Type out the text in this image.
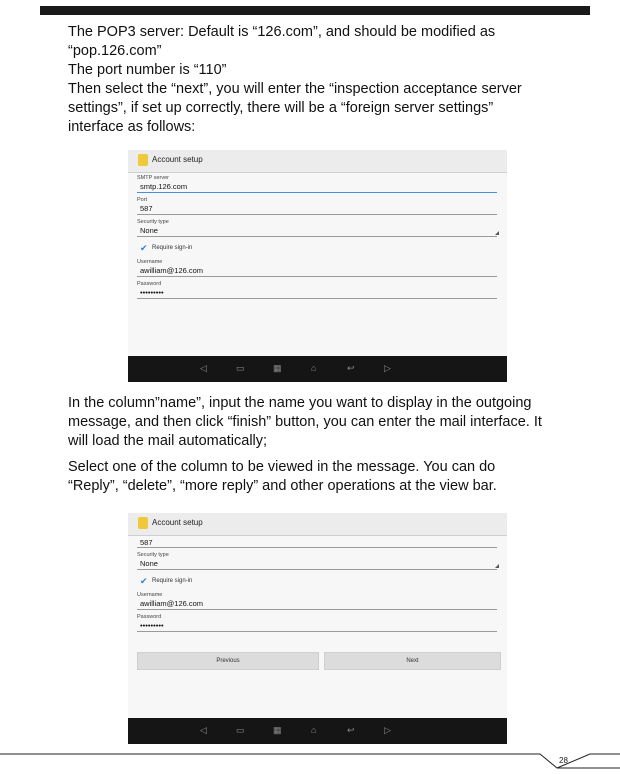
The POP3 server: Default is “126.com”, and should be modified as
“pop.126.com”
The port number is “110”
Then select the “next”, you will enter the “inspection acceptance server
settings”, if set up correctly, there will be a “foreign server settings”
interface as follows:

Account setup
SMTP server
smtp.126.com
Port
587
Security type
None
✔ Require sign-in
Username
awilliam@126.com
Password
•••••••••
◁	▭	▦	⌂	↩	▷

In the column”name”, input the name you want to display in the outgoing
message, and then click “finish” button, you can enter the mail interface. It
will load the mail automatically;

Select one of the column to be viewed in the message. You can do
“Reply”, “delete”, “more reply” and other operations at the view bar.

Account setup
587
Security type
None
✔ Require sign-in
Username
awilliam@126.com
Password
•••••••••
Previous	Next
◁	▭	▦	⌂	↩	▷
28
